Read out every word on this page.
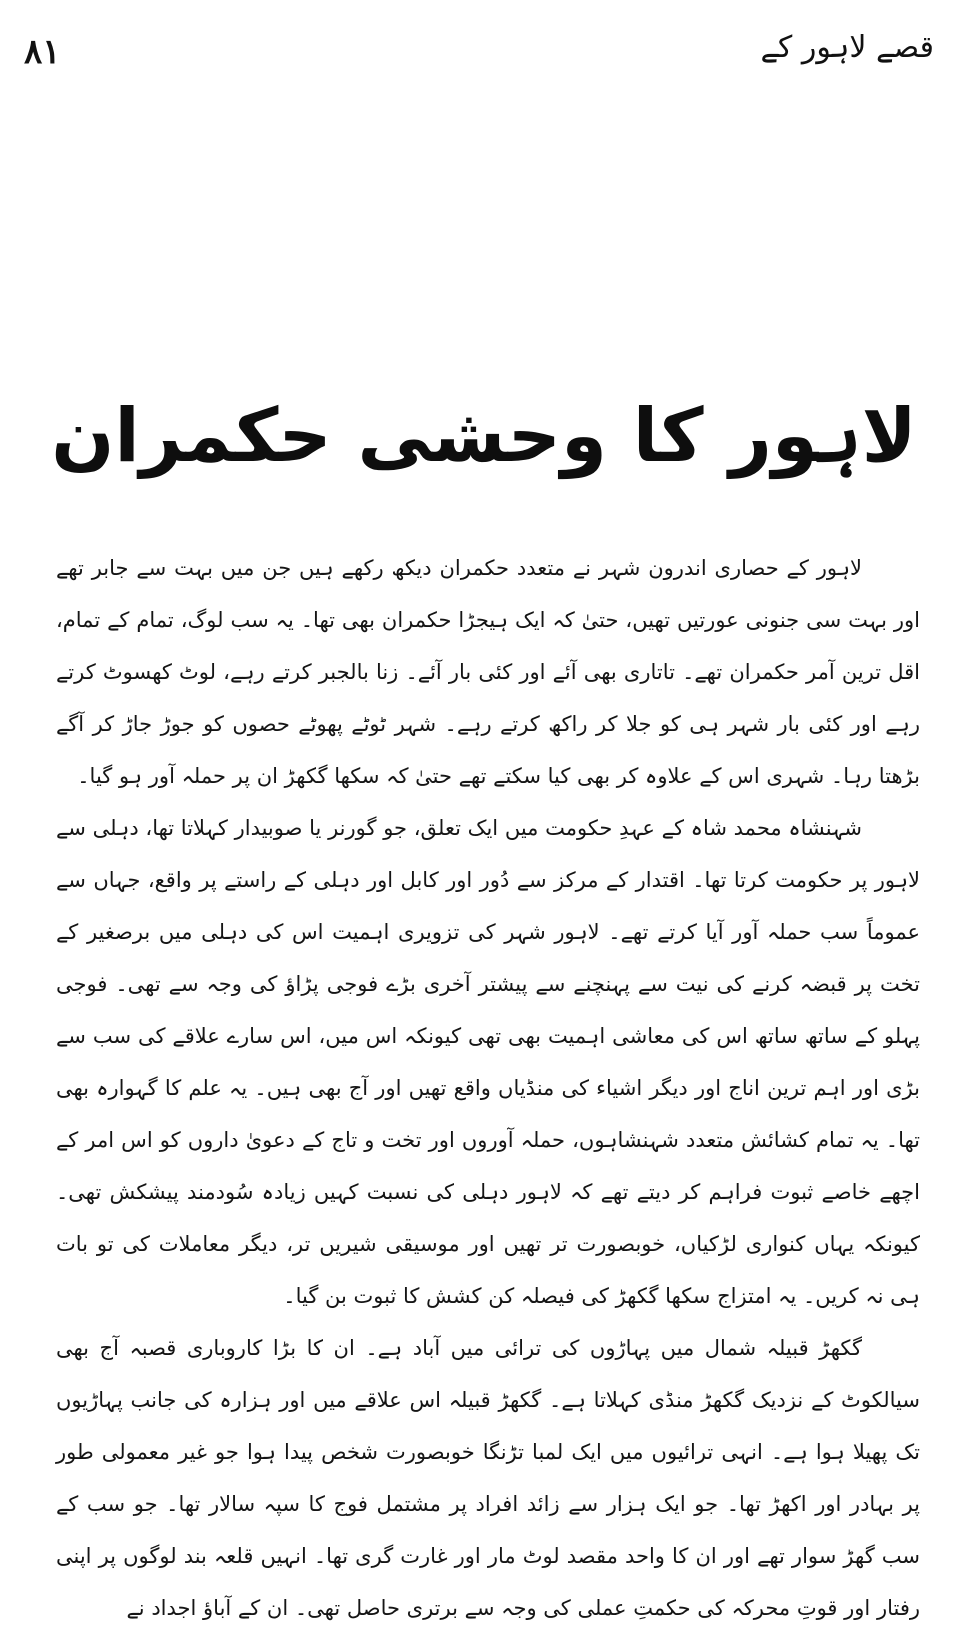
۸۱	قصے لاہور کے
لاہور کا وحشی حکمران

لاہور کے حصاری اندرون شہر نے متعدد حکمران دیکھ رکھے ہیں جن میں بہت سے جابر تھے اور بہت سی جنونی عورتیں تھیں، حتیٰ کہ ایک ہیجڑا حکمران بھی تھا۔ یہ سب لوگ، تمام کے تمام، اقل ترین آمر حکمران تھے۔ تاتاری بھی آئے اور کئی بار آئے۔ زنا بالجبر کرتے رہے، لوٹ کھسوٹ کرتے رہے اور کئی بار شہر ہی کو جلا کر راکھ کرتے رہے۔ شہر ٹوٹے پھوٹے حصوں کو جوڑ جاڑ کر آگے بڑھتا رہا۔ شہری اس کے علاوہ کر بھی کیا سکتے تھے حتیٰ کہ سکھا گکھڑ ان پر حملہ آور ہو گیا۔

شہنشاہ محمد شاہ کے عہدِ حکومت میں ایک تعلق، جو گورنر یا صوبیدار کہلاتا تھا، دہلی سے لاہور پر حکومت کرتا تھا۔ اقتدار کے مرکز سے دُور اور کابل اور دہلی کے راستے پر واقع، جہاں سے عموماً سب حملہ آور آیا کرتے تھے۔ لاہور شہر کی تزویری اہمیت اس کی دہلی میں برصغیر کے تخت پر قبضہ کرنے کی نیت سے پہنچنے سے پیشتر آخری بڑے فوجی پڑاؤ کی وجہ سے تھی۔ فوجی پہلو کے ساتھ ساتھ اس کی معاشی اہمیت بھی تھی کیونکہ اس میں، اس سارے علاقے کی سب سے بڑی اور اہم ترین اناج اور دیگر اشیاء کی منڈیاں واقع تھیں اور آج بھی ہیں۔ یہ علم کا گہوارہ بھی تھا۔ یہ تمام کشائش متعدد شہنشاہوں، حملہ آوروں اور تخت و تاج کے دعویٰ داروں کو اس امر کے اچھے خاصے ثبوت فراہم کر دیتے تھے کہ لاہور دہلی کی نسبت کہیں زیادہ سُودمند پیشکش تھی۔ کیونکہ یہاں کنواری لڑکیاں، خوبصورت تر تھیں اور موسیقی شیریں تر، دیگر معاملات کی تو بات ہی نہ کریں۔ یہ امتزاج سکھا گکھڑ کی فیصلہ کن کشش کا ثبوت بن گیا۔

گکھڑ قبیلہ شمال میں پہاڑوں کی ترائی میں آباد ہے۔ ان کا بڑا کاروباری قصبہ آج بھی سیالکوٹ کے نزدیک گکھڑ منڈی کہلاتا ہے۔ گکھڑ قبیلہ اس علاقے میں اور ہزارہ کی جانب پہاڑیوں تک پھیلا ہوا ہے۔ انہی ترائیوں میں ایک لمبا تڑنگا خوبصورت شخص پیدا ہوا جو غیر معمولی طور پر بہادر اور اکھڑ تھا۔ جو ایک ہزار سے زائد افراد پر مشتمل فوج کا سپہ سالار تھا۔ جو سب کے سب گھڑ سوار تھے اور ان کا واحد مقصد لوٹ مار اور غارت گری تھا۔ انہیں قلعہ بند لوگوں پر اپنی رفتار اور قوتِ محرکہ کی حکمتِ عملی کی وجہ سے برتری حاصل تھی۔ ان کے آباؤ اجداد نے
